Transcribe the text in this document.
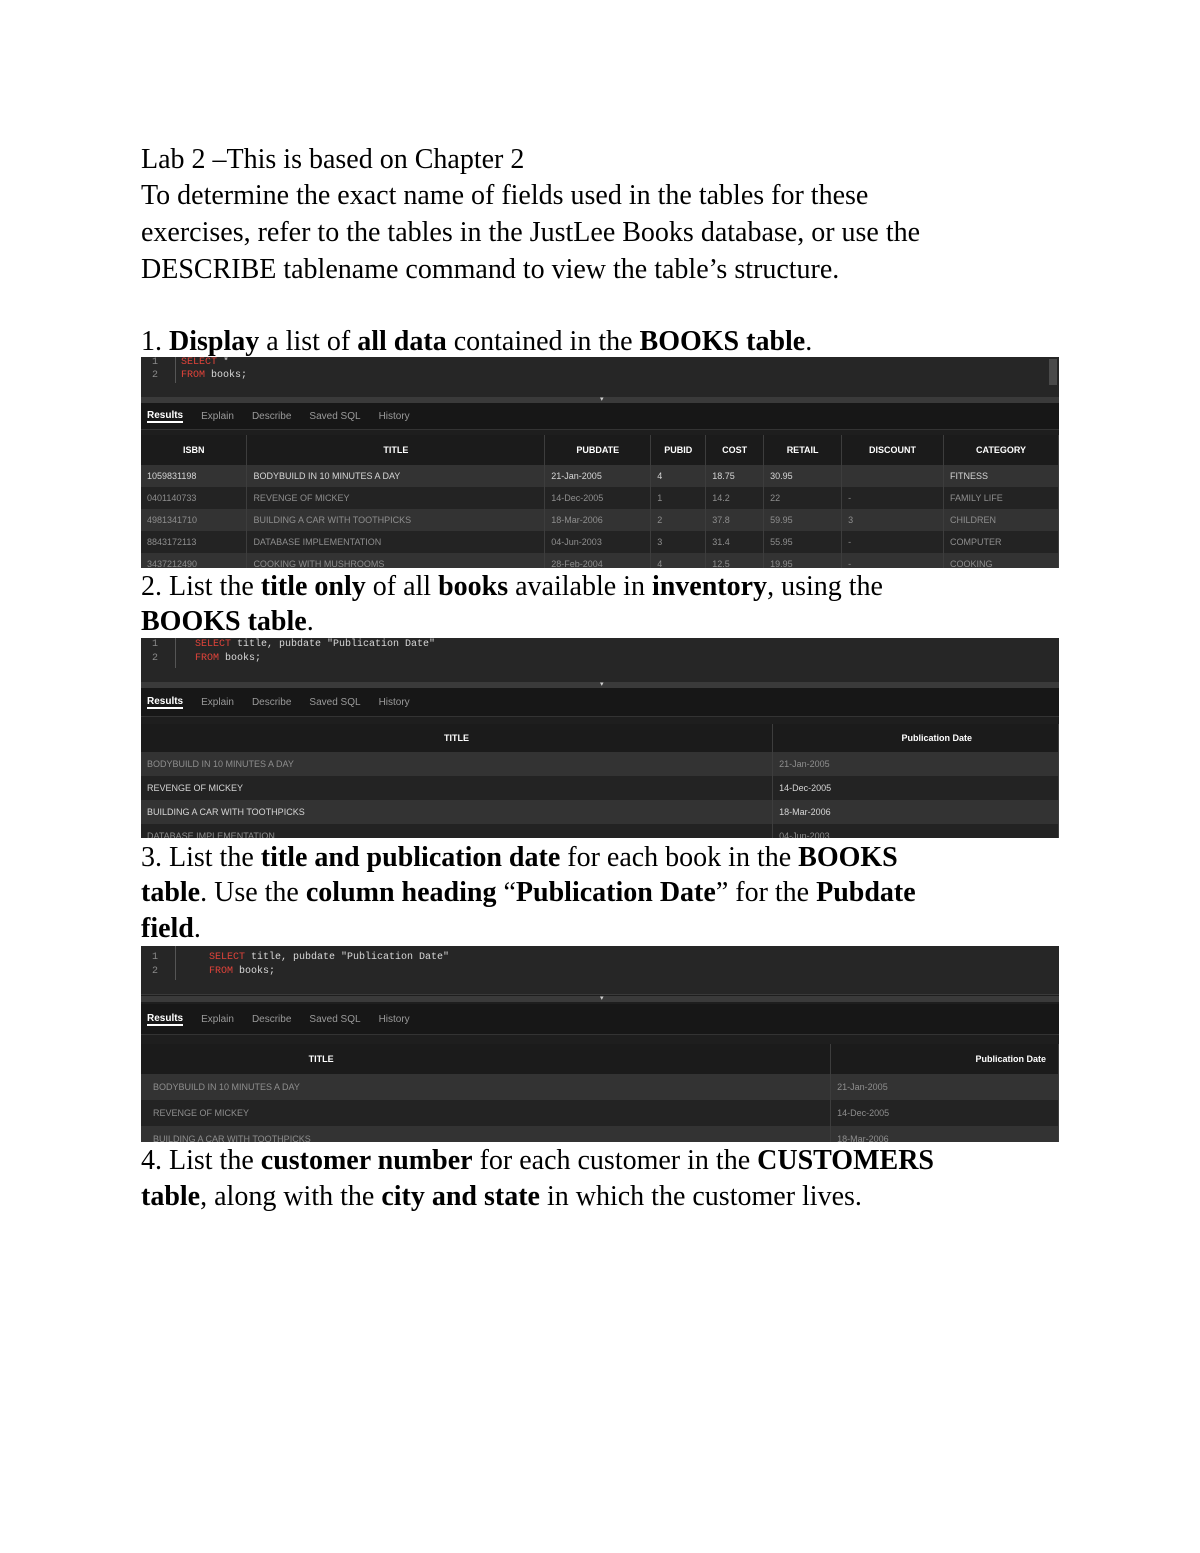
Lab 2 –This is based on Chapter 2
To determine the exact name of fields used in the tables for these
exercises, refer to the tables in the JustLee Books database, or use the
DESCRIBE tablename command to view the table’s structure.
1. Display a list of all data contained in the BOOKS table.
1 SELECT *
2 FROM books;
▾
Results Explain Describe Saved SQL History
ISBN	TITLE	PUBDATE	PUBID	COST	RETAIL	DISCOUNT	CATEGORY
1059831198	BODYBUILD IN 10 MINUTES A DAY	21-Jan-2005	4	18.75	30.95		FITNESS
0401140733	REVENGE OF MICKEY	14-Dec-2005	1	14.2	22	-	FAMILY LIFE
4981341710	BUILDING A CAR WITH TOOTHPICKS	18-Mar-2006	2	37.8	59.95	3	CHILDREN
8843172113	DATABASE IMPLEMENTATION	04-Jun-2003	3	31.4	55.95	-	COMPUTER
3437212490	COOKING WITH MUSHROOMS	28-Feb-2004	4	12.5	19.95	-	COOKING
2. List the title only of all books available in inventory, using the
BOOKS table.
1	SELECT title, pubdate "Publication Date"
2	FROM books;
▾
Results Explain Describe Saved SQL History
TITLE	Publication Date
BODYBUILD IN 10 MINUTES A DAY	21-Jan-2005
REVENGE OF MICKEY	14-Dec-2005
BUILDING A CAR WITH TOOTHPICKS	18-Mar-2006
DATABASE IMPLEMENTATION	04-Jun-2003
3. List the title and publication date for each book in the BOOKS
table. Use the column heading “Publication Date” for the Pubdate
field.
1	SELECT title, pubdate "Publication Date"
2	FROM books;
▾
Results Explain Describe Saved SQL History
TITLE	Publication Date
BODYBUILD IN 10 MINUTES A DAY	21-Jan-2005
REVENGE OF MICKEY	14-Dec-2005
BUILDING A CAR WITH TOOTHPICKS	18-Mar-2006
4. List the customer number for each customer in the CUSTOMERS
table, along with the city and state in which the customer lives.
